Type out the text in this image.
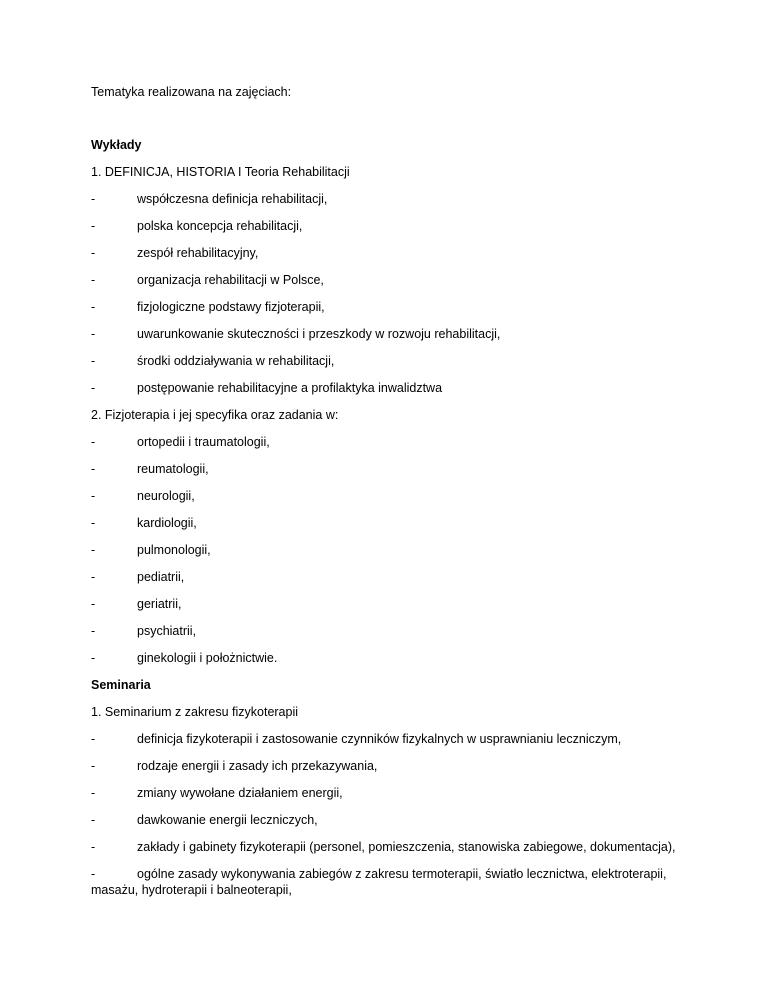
Tematyka realizowana na zajęciach:

Wykłady

1. DEFINICJA, HISTORIA I Teoria Rehabilitacji

-	współczesna definicja rehabilitacji,

-	polska koncepcja rehabilitacji,

-	zespół rehabilitacyjny,

-	organizacja rehabilitacji w Polsce,

-	fizjologiczne podstawy fizjoterapii,

-	uwarunkowanie skuteczności i przeszkody w rozwoju rehabilitacji,

-	środki oddziaływania w rehabilitacji,

-	postępowanie rehabilitacyjne a profilaktyka inwalidztwa

2. Fizjoterapia i jej specyfika oraz zadania w:

-	ortopedii i traumatologii,

-	reumatologii,

-	neurologii,

-	kardiologii,

-	pulmonologii,

-	pediatrii,

-	geriatrii,

-	psychiatrii,

-	ginekologii i położnictwie.

Seminaria

1. Seminarium z zakresu fizykoterapii

-	definicja fizykoterapii i zastosowanie czynników fizykalnych w usprawnianiu leczniczym,

-	rodzaje energii i zasady ich przekazywania,

-	zmiany wywołane działaniem energii,

-	dawkowanie energii leczniczych,

-	zakłady i gabinety fizykoterapii (personel, pomieszczenia, stanowiska zabiegowe, dokumentacja),

-	ogólne zasady wykonywania zabiegów z zakresu termoterapii, światło lecznictwa, elektroterapii, masażu, hydroterapii i balneoterapii,
